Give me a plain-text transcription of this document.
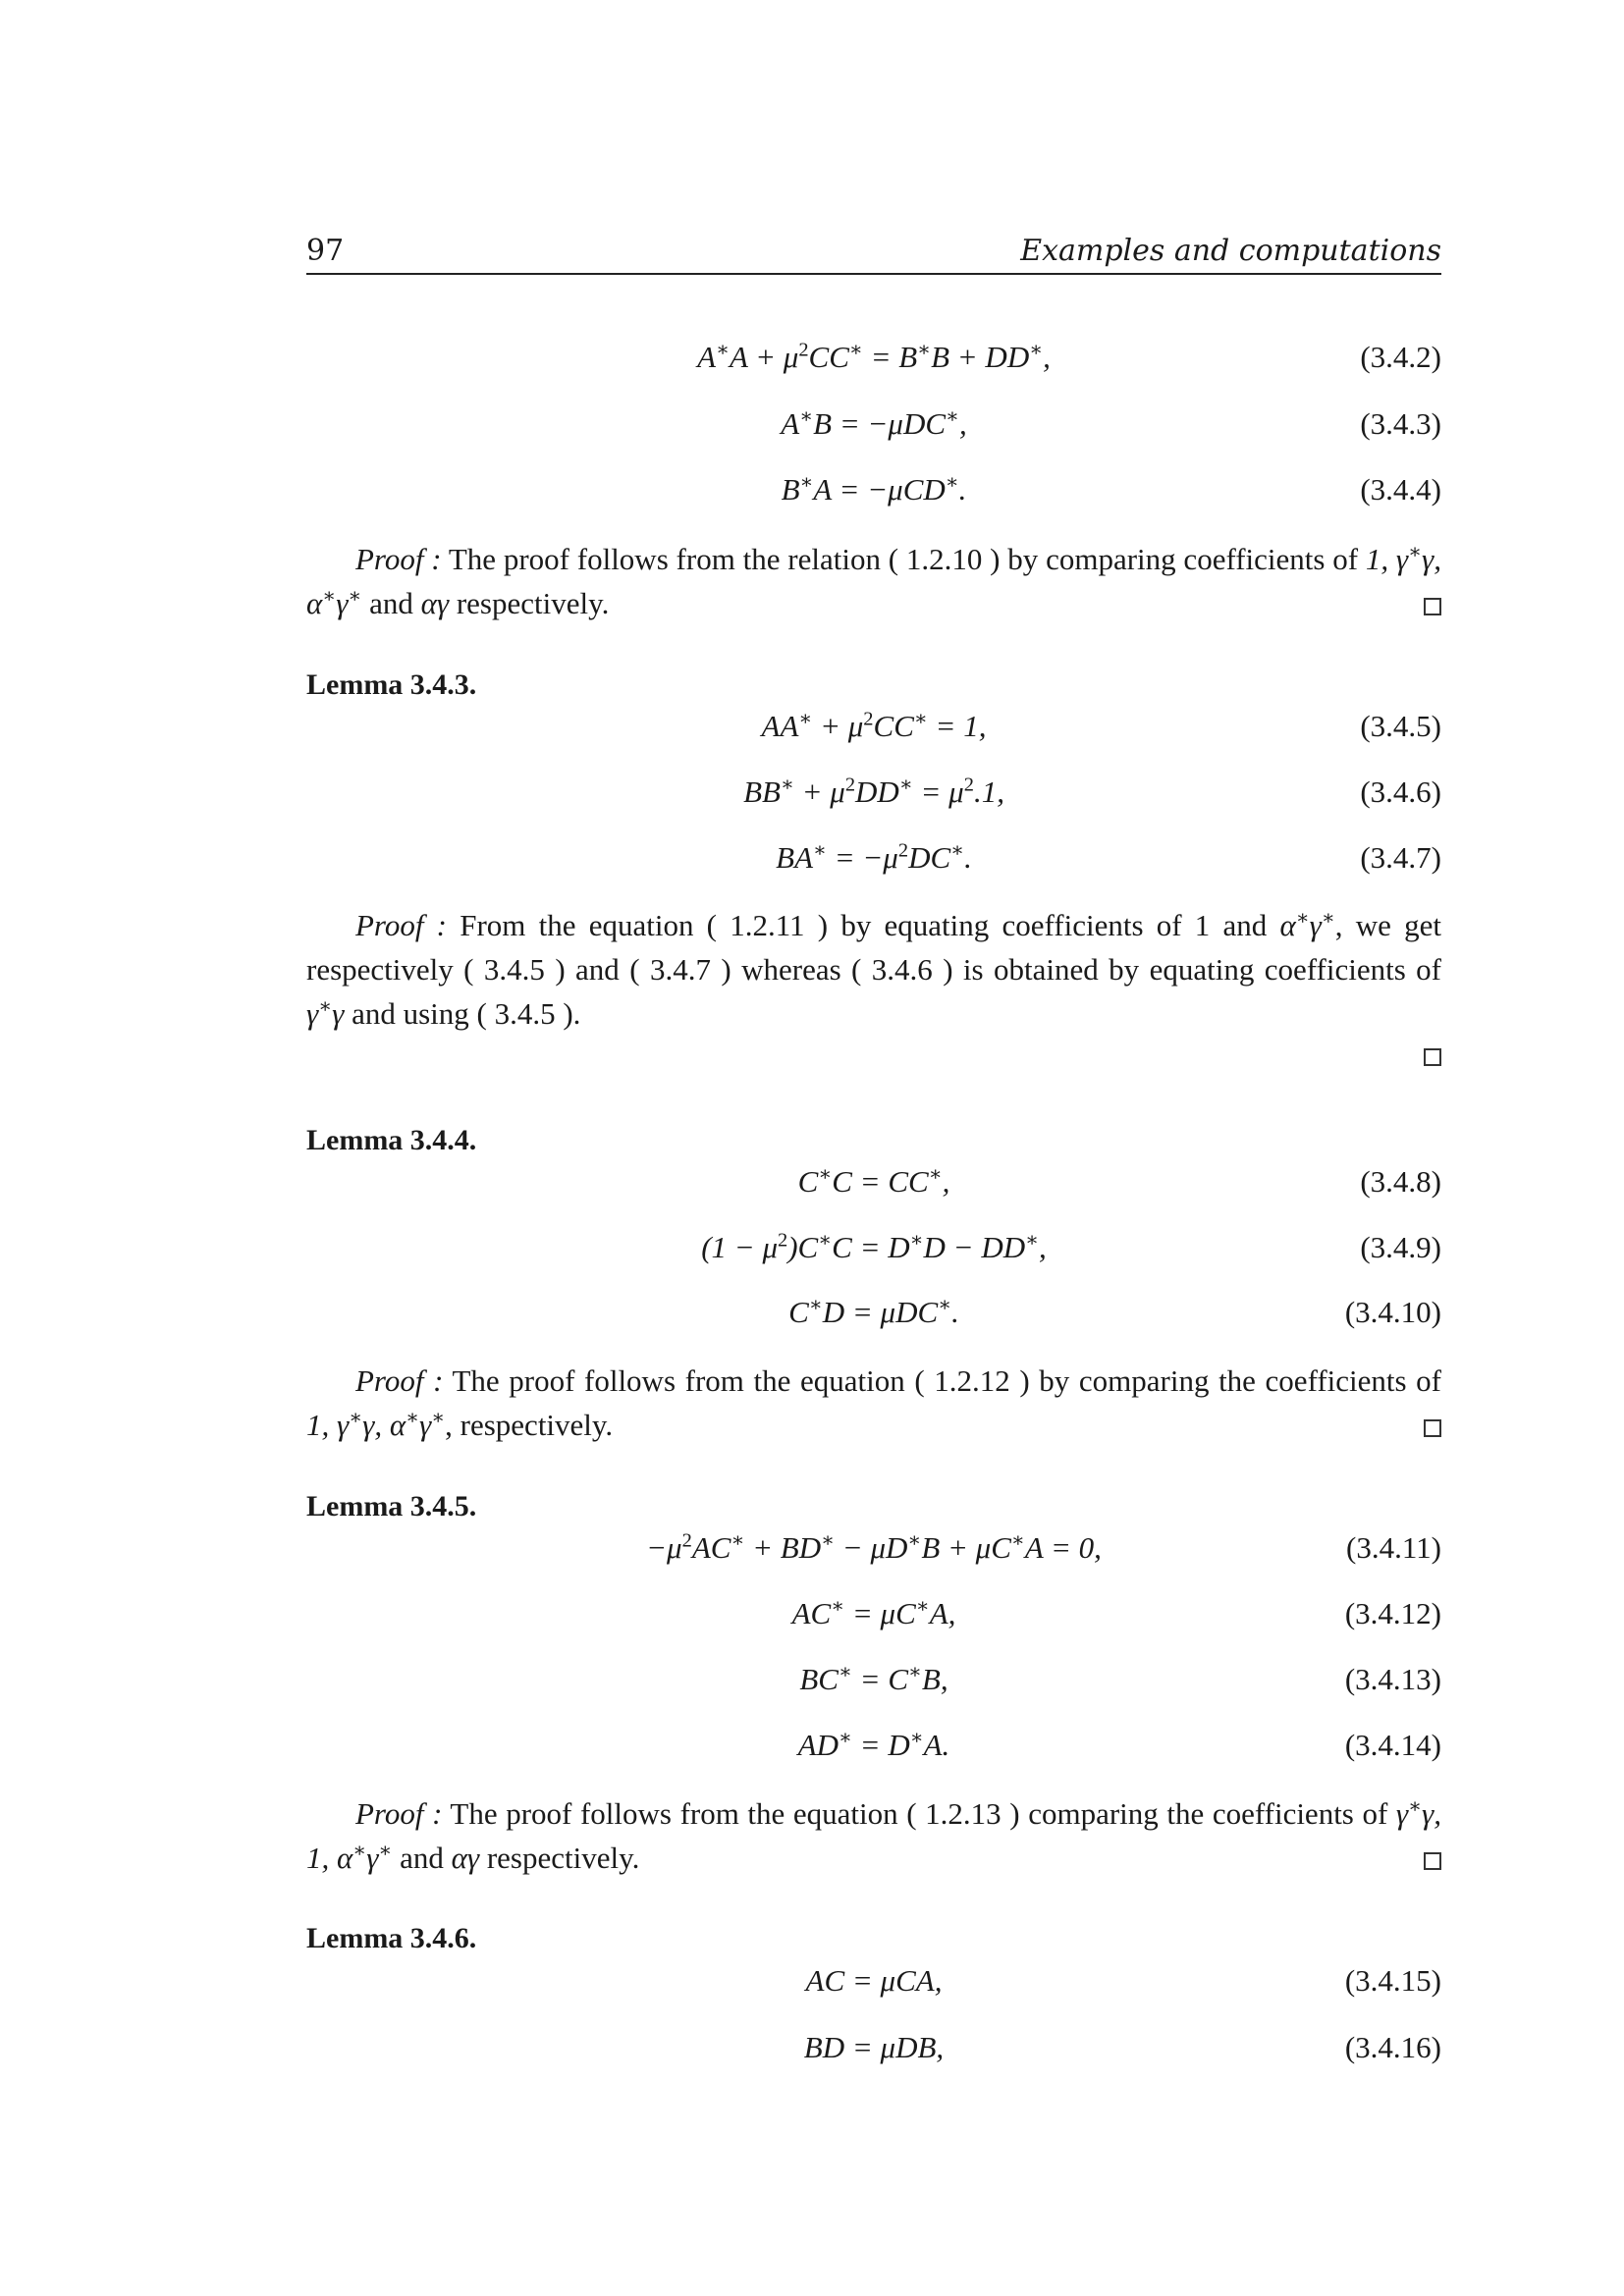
97	Examples and computations
$A^∗A + \mu^2CC^∗ = B^∗B + DD^∗$,	(3.4.2)
A∗B = −μDC∗,	(3.4.3)
B∗A = −μCD∗.	(3.4.4)
Proof : The proof follows from the relation ( 1.2.10 ) by comparing coefficients of 1, γ∗γ, α∗γ∗ and αγ respectively.
Lemma 3.4.3.
$AA^∗ + \mu^2CC^∗ = 1$,	(3.4.5)
$BB^∗ + \mu^2DD^∗ = \mu^2.1$,	(3.4.6)
$BA^∗ = -\mu^2DC^∗$.	(3.4.7)
Proof : From the equation ( 1.2.11 ) by equating coefficients of 1 and α∗γ∗, we get respectively ( 3.4.5 ) and ( 3.4.7 ) whereas ( 3.4.6 ) is obtained by equating coefficients of γ∗γ and using ( 3.4.5 ).
Lemma 3.4.4.
C∗C = CC∗,	(3.4.8)
$(1 - \mu^2)C^∗C = D^∗D - DD^∗$,	(3.4.9)
C∗D = μDC∗.	(3.4.10)
Proof : The proof follows from the equation ( 1.2.12 ) by comparing the coefficients of 1, γ∗γ, α∗γ∗, respectively.
Lemma 3.4.5.
$-\mu^2AC^∗ + BD^∗ - \mu D^∗B + \mu C^∗A = 0$,	(3.4.11)
AC∗ = μC∗A,	(3.4.12)
BC∗ = C∗B,	(3.4.13)
AD∗ = D∗A.	(3.4.14)
Proof : The proof follows from the equation ( 1.2.13 ) comparing the coefficients of γ∗γ, 1, α∗γ∗ and αγ respectively.
Lemma 3.4.6.
AC = μCA,	(3.4.15)
BD = μDB,	(3.4.16)
